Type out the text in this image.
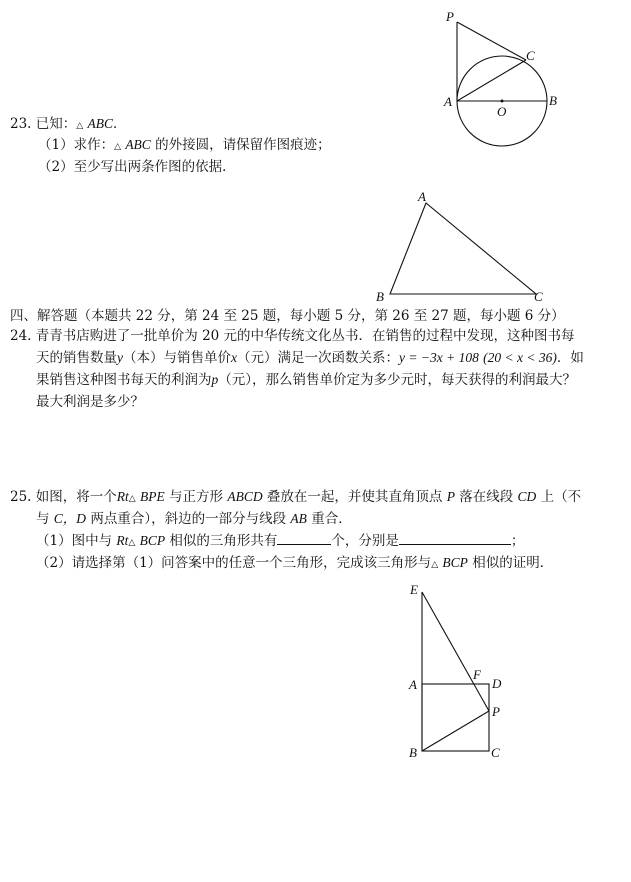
P
C
A
O
B
A
B	C
E
F
A	D
P
B	C
23. 已知：△ ABC．
（1）求作：△ ABC 的外接圆，请保留作图痕迹；
（2）至少写出两条作图的依据．
四、解答题（本题共 22 分，第 24 至 25 题，每小题 5 分，第 26 至 27 题，每小题 6 分）
24. 青青书店购进了一批单价为 20 元的中华传统文化丛书．在销售的过程中发现，这种图书每
天的销售数量y（本）与销售单价x（元）满足一次函数关系：y = −3x + 108 (20 < x < 36)．如
果销售这种图书每天的利润为p（元），那么销售单价定为多少元时，每天获得的利润最大？
最大利润是多少？
25. 如图，将一个Rt△ BPE 与正方形 ABCD 叠放在一起，并使其直角顶点 P 落在线段 CD 上（不
与 C，D 两点重合），斜边的一部分与线段 AB 重合．
（1）图中与 Rt△ BCP 相似的三角形共有	个，分别是	；
（2）请选择第（1）问答案中的任意一个三角形，完成该三角形与△ BCP 相似的证明．
